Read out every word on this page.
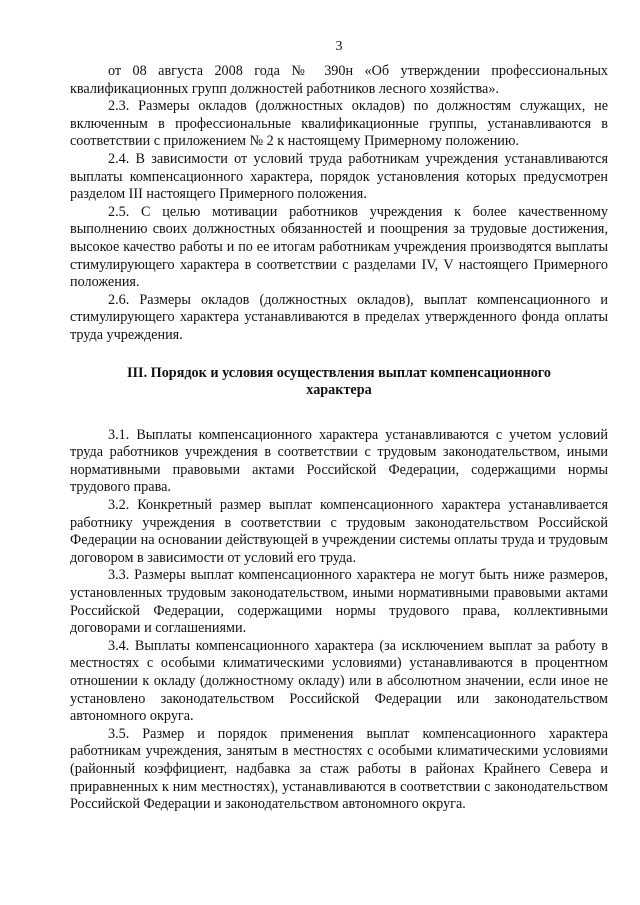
3

от 08 августа 2008 года № 390н «Об утверждении профессиональных квалификационных групп должностей работников лесного хозяйства».

2.3. Размеры окладов (должностных окладов) по должностям служащих, не включенным в профессиональные квалификационные группы, устанавливаются в соответствии с приложением № 2 к настоящему Примерному положению.

2.4. В зависимости от условий труда работникам учреждения устанавливаются выплаты компенсационного характера, порядок установления которых предусмотрен разделом III настоящего Примерного положения.

2.5. С целью мотивации работников учреждения к более качественному выполнению своих должностных обязанностей и поощрения за трудовые достижения, высокое качество работы и по ее итогам работникам учреждения производятся выплаты стимулирующего характера в соответствии с разделами IV, V настоящего Примерного положения.

2.6. Размеры окладов (должностных окладов), выплат компенсационного и стимулирующего характера устанавливаются в пределах утвержденного фонда оплаты труда учреждения.

III. Порядок и условия осуществления выплат компенсационного характера

3.1. Выплаты компенсационного характера устанавливаются с учетом условий труда работников учреждения в соответствии с трудовым законодательством, иными нормативными правовыми актами Российской Федерации, содержащими нормы трудового права.

3.2. Конкретный размер выплат компенсационного характера устанавливается работнику учреждения в соответствии с трудовым законодательством Российской Федерации на основании действующей в учреждении системы оплаты труда и трудовым договором в зависимости от условий его труда.

3.3. Размеры выплат компенсационного характера не могут быть ниже размеров, установленных трудовым законодательством, иными нормативными правовыми актами Российской Федерации, содержащими нормы трудового права, коллективными договорами и соглашениями.

3.4. Выплаты компенсационного характера (за исключением выплат за работу в местностях с особыми климатическими условиями) устанавливаются в процентном отношении к окладу (должностному окладу) или в абсолютном значении, если иное не установлено законодательством Российской Федерации или законодательством автономного округа.

3.5. Размер и порядок применения выплат компенсационного характера работникам учреждения, занятым в местностях с особыми климатическими условиями (районный коэффициент, надбавка за стаж работы в районах Крайнего Севера и приравненных к ним местностях), устанавливаются в соответствии с законодательством Российской Федерации и законодательством автономного округа.
